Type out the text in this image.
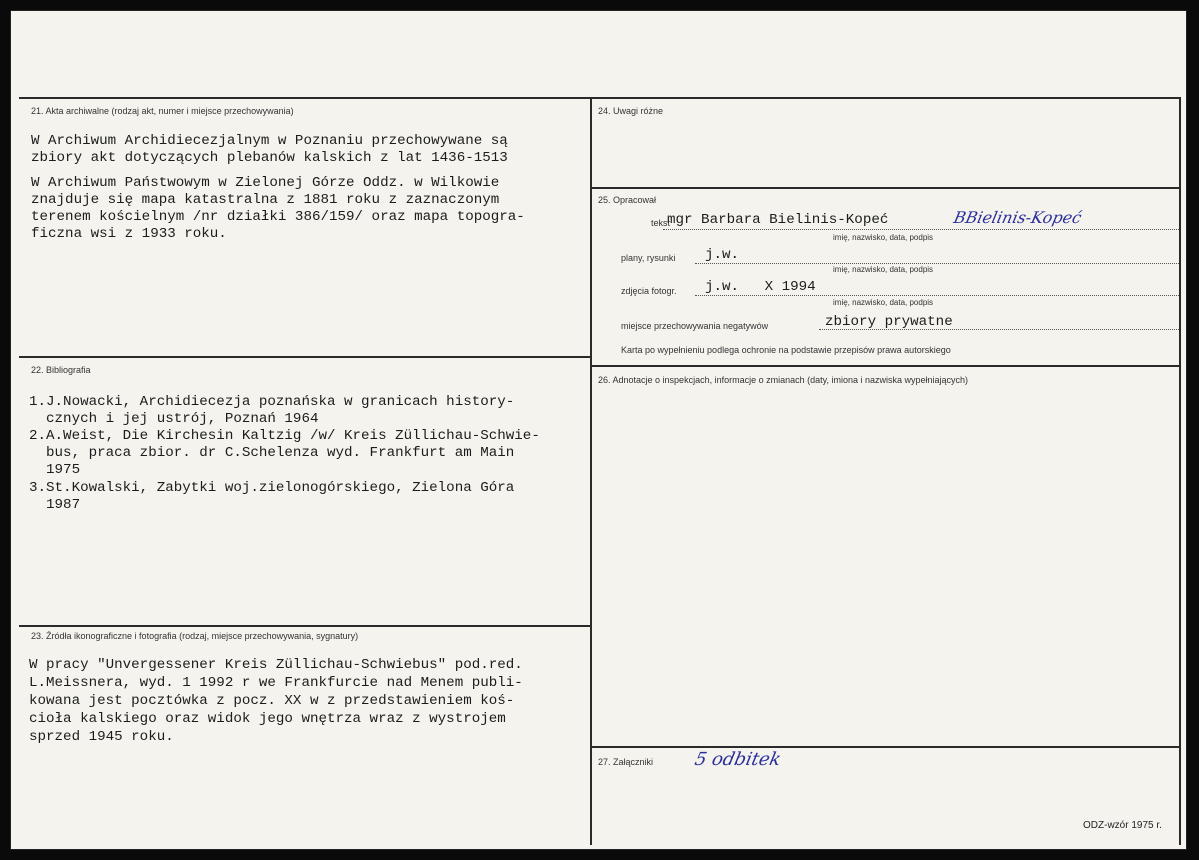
21. Akta archiwalne (rodzaj akt, numer i miejsce przechowywania)
W Archiwum Archidiecezjalnym w Poznaniu przechowywane są
zbiory akt dotyczących plebanów kalskich z lat 1436-1513
W Archiwum Państwowym w Zielonej Górze Oddz. w Wilkowie
znajduje się mapa katastralna z 1881 roku z zaznaczonym
terenem kościelnym /nr działki 386/159/ oraz mapa topogra-
ficzna wsi z 1933 roku.
22. Bibliografia
1.J.Nowacki, Archidiecezja poznańska w granicach history-
cznych i jej ustrój, Poznań 1964
2.A.Weist, Die Kirchesin Kaltzig /w/ Kreis Züllichau-Schwie-
bus, praca zbior. dr C.Schelenza wyd. Frankfurt am Main
1975
3.St.Kowalski, Zabytki woj.zielonogórskiego, Zielona Góra
1987
23. Źródła ikonograficzne i fotografia (rodzaj, miejsce przechowywania, sygnatury)
W pracy "Unvergessener Kreis Züllichau-Schwiebus" pod.red.
L.Meissnera, wyd. 1 1992 r we Frankfurcie nad Menem publi-
kowana jest pocztówka z pocz. XX w z przedstawieniem koś-
cioła kalskiego oraz widok jego wnętrza wraz z wystrojem
sprzed 1945 roku.
24. Uwagi różne
25. Opracował
tekst
mgr Barbara Bielinis-Kopeć	BBielinis-Kopeć
imię, nazwisko, data, podpis
plany, rysunki j.w.
imię, nazwisko, data, podpis
zdjęcia fotogr. j.w.   X 1994
imię, nazwisko, data, podpis
miejsce przechowywania negatywów	zbiory prywatne
Karta po wypełnieniu podlega ochronie na podstawie przepisów prawa autorskiego
26. Adnotacje o inspekcjach, informacje o zmianach (daty, imiona i nazwiska wypełniających)
27. Załączniki 5 odbitek
ODZ-wzór 1975 r.
